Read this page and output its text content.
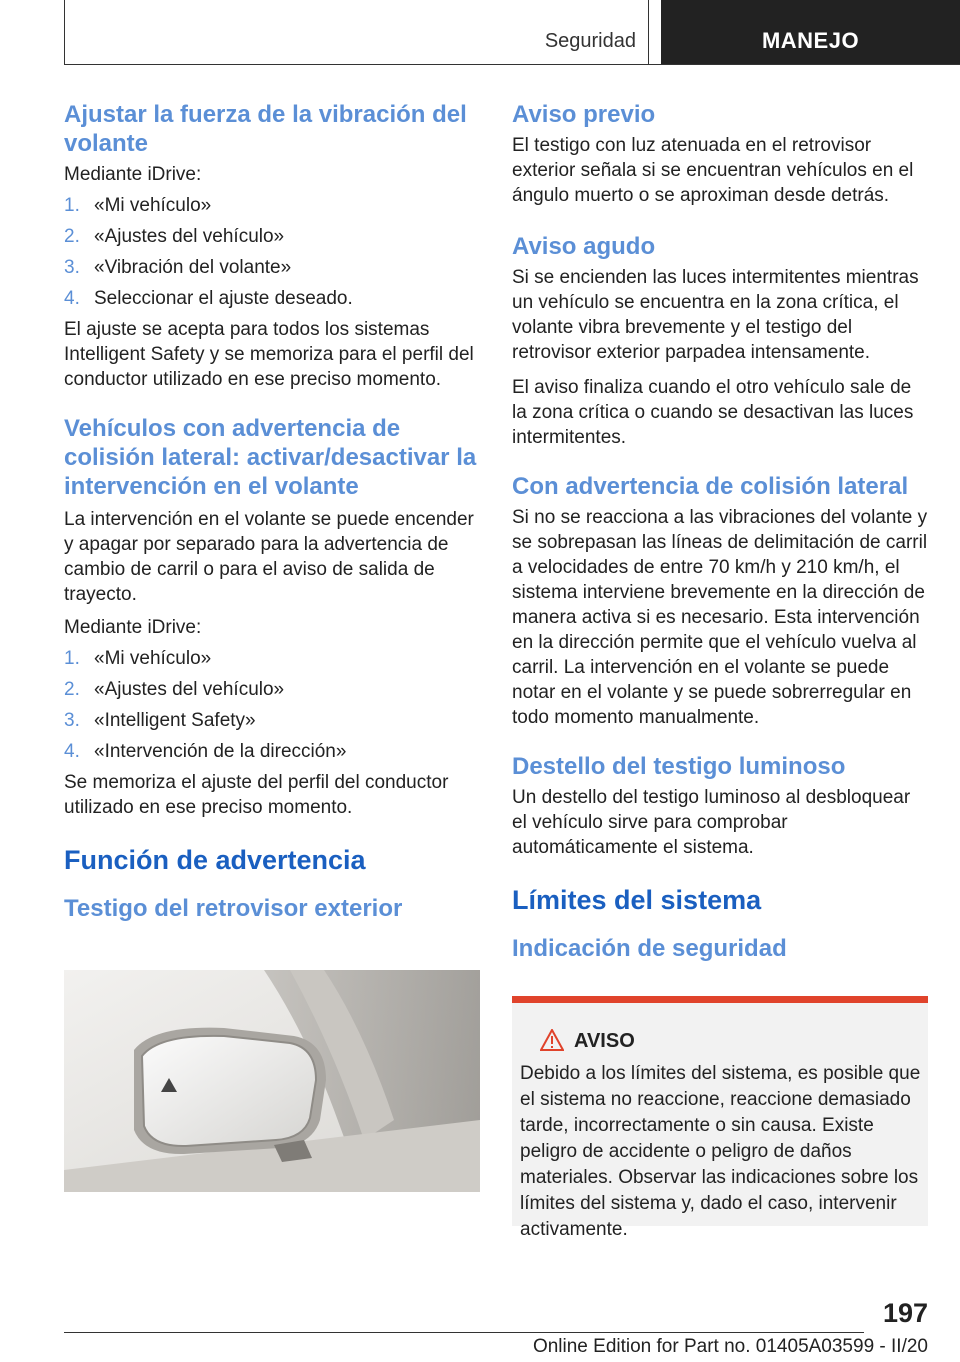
Seguridad	MANEJO
Ajustar la fuerza de la vibración del volante

Mediante iDrive:

1. «Mi vehículo»
2. «Ajustes del vehículo»
3. «Vibración del volante»
4. Seleccionar el ajuste deseado.

El ajuste se acepta para todos los sistemas Intelligent Safety y se memoriza para el perfil del conductor utilizado en ese preciso momento.

Vehículos con advertencia de colisión lateral: activar/desactivar la intervención en el volante

La intervención en el volante se puede encender y apagar por separado para la advertencia de cambio de carril o para el aviso de salida de trayecto.

Mediante iDrive:

1. «Mi vehículo»
2. «Ajustes del vehículo»
3. «Intelligent Safety»
4. «Intervención de la dirección»

Se memoriza el ajuste del perfil del conductor utilizado en ese preciso momento.

Función de advertencia
Testigo del retrovisor exterior
Aviso previo

El testigo con luz atenuada en el retrovisor exterior señala si se encuentran vehículos en el ángulo muerto o se aproximan desde detrás.

Aviso agudo

Si se encienden las luces intermitentes mientras un vehículo se encuentra en la zona crítica, el volante vibra brevemente y el testigo del retrovisor exterior parpadea intensamente.

El aviso finaliza cuando el otro vehículo sale de la zona crítica o cuando se desactivan las luces intermitentes.

Con advertencia de colisión lateral

Si no se reacciona a las vibraciones del volante y se sobrepasan las líneas de delimitación de carril a velocidades de entre 70 km/h y 210 km/h, el sistema interviene brevemente en la dirección de manera activa si es necesario. Esta intervención en la dirección permite que el vehículo vuelva al carril. La intervención en el volante se puede notar en el volante y se puede sobrerregular en todo momento manualmente.

Destello del testigo luminoso

Un destello del testigo luminoso al desbloquear el vehículo sirve para comprobar automáticamente el sistema.

Límites del sistema
Indicación de seguridad
AVISO
Debido a los límites del sistema, es posible que el sistema no reaccione, reaccione demasiado tarde, incorrectamente o sin causa. Existe peligro de accidente o peligro de daños materiales. Observar las indicaciones sobre los límites del sistema y, dado el caso, intervenir activamente.
197
Online Edition for Part no. 01405A03599 - II/20
